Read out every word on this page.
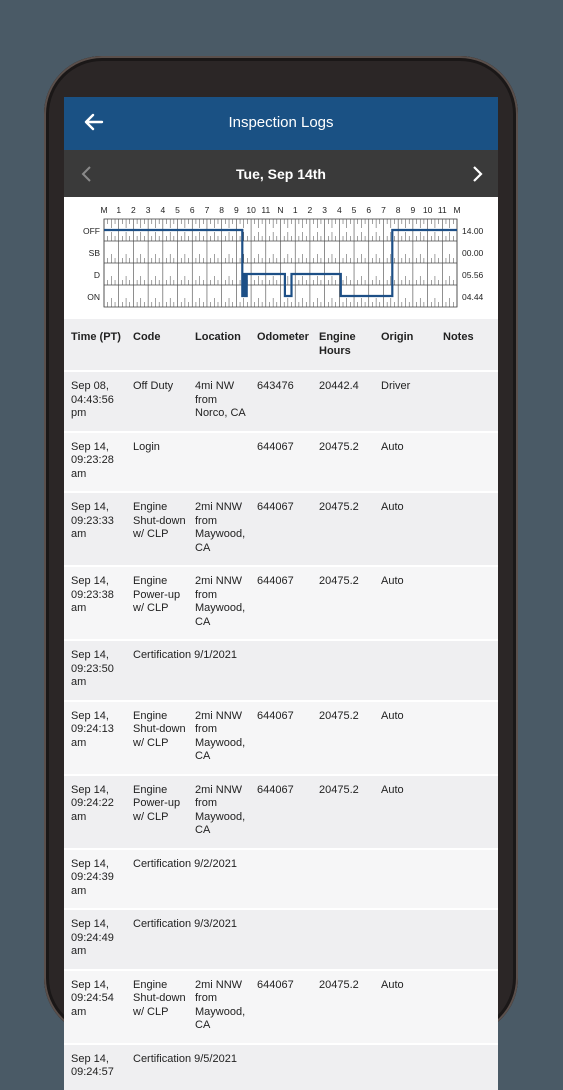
Inspection Logs
Tue, Sep 14th
M 1 2 3 4 5 6 7 8 9 10 11 N 1 2 3 4 5 6 7 8 9 10 11 M
OFF
SB
D
ON
14.00
00.00
05.56
04.44
Time (PT)	Code	Location	Odometer	Engine Hours	Origin	Notes
Sep 08, 04:43:56 pm	Off Duty	4mi NW from Norco, CA	643476	20442.4	Driver	
Sep 14, 09:23:28 am	Login		644067	20475.2	Auto	
Sep 14, 09:23:33 am	Engine Shut-down w/ CLP	2mi NNW from Maywood, CA	644067	20475.2	Auto	
Sep 14, 09:23:38 am	Engine Power-up w/ CLP	2mi NNW from Maywood, CA	644067	20475.2	Auto	
Sep 14, 09:23:50 am	Certification 9/1/2021					
Sep 14, 09:24:13 am	Engine Shut-down w/ CLP	2mi NNW from Maywood, CA	644067	20475.2	Auto	
Sep 14, 09:24:22 am	Engine Power-up w/ CLP	2mi NNW from Maywood, CA	644067	20475.2	Auto	
Sep 14, 09:24:39 am	Certification 9/2/2021					
Sep 14, 09:24:49 am	Certification 9/3/2021					
Sep 14, 09:24:54 am	Engine Shut-down w/ CLP	2mi NNW from Maywood, CA	644067	20475.2	Auto	
Sep 14, 09:24:57	Certification 9/5/2021					
